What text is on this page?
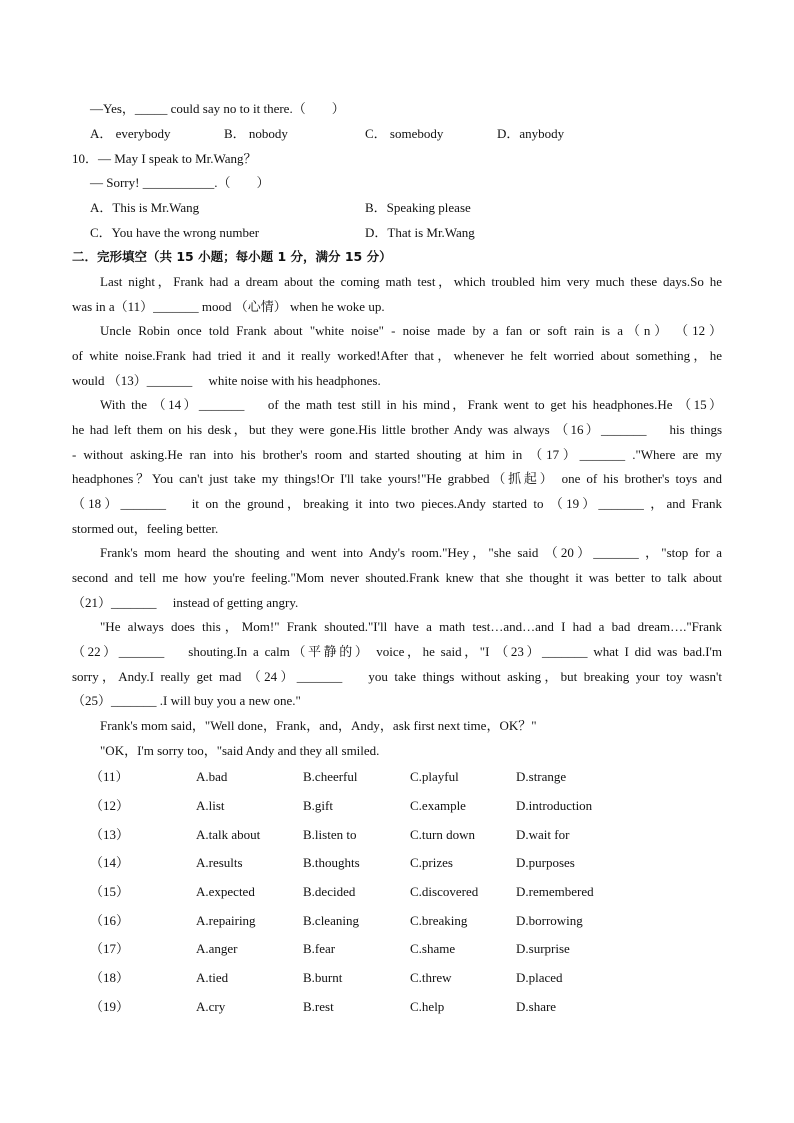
—Yes，_____ could say no to it there.（　　）
A． everybody	B． nobody	C． somebody	D．anybody
10．— May I speak to Mr.Wang？
— Sorry! ___________.（　　）
A．This is Mr.Wang	B．Speaking please
C．You have the wrong number	D．That is Mr.Wang
二．完形填空（共 15 小题；每小题 1 分，满分 15 分）
Last night，Frank had a dream about the coming math test，which troubled him very much these days.So he
was in a（11）_______ mood （心情） when he woke up.
Uncle Robin once told Frank about "white noise" - noise made by a fan or soft rain is a（n）　（12）
of white noise.Frank had tried it and it really worked!After that，whenever he felt worried about something，he
would （13）_______　 white noise with his headphones.
With the （14）_______　 of the math test still in his mind，Frank went to get his headphones.He （15）
he had left them on his desk，but they were gone.His little brother Andy was always （16）_______　 his things
- without asking.He ran into his brother's room and started shouting at him in （17）_______ ."Where are my
headphones？You can't just take my things!Or I'll take yours!"He grabbed（抓起） one of his brother's toys and
（18）_______　 it on the ground，breaking it into two pieces.Andy started to （19）_______ ，and Frank
stormed out，feeling better.
Frank's mom heard the shouting and went into Andy's room."Hey，"she said （20）_______ ，"stop for a
second and tell me how you're feeling."Mom never shouted.Frank knew that she thought it was better to talk about
（21）_______　 instead of getting angry.
"He always does this，Mom!" Frank shouted."I'll have a math test…and…and I had a bad dream…."Frank
（22）_______　 shouting.In a calm（平静的） voice，he said，"I （23）_______ what I did was bad.I'm
sorry，Andy.I really get mad （24）_______　 you take things without asking，but breaking your toy wasn't
（25）_______ .I will buy you a new one."
Frank's mom said，"Well done，Frank，and，Andy，ask first next time，OK？"
"OK，I'm sorry too，"said Andy and they all smiled.
（11）	A.bad	B.cheerful	C.playful	D.strange
（12）	A.list	B.gift	C.example	D.introduction
（13）	A.talk about	B.listen to	C.turn down	D.wait for
（14）	A.results	B.thoughts	C.prizes	D.purposes
（15）	A.expected	B.decided	C.discovered	D.remembered
（16）	A.repairing	B.cleaning	C.breaking	D.borrowing
（17）	A.anger	B.fear	C.shame	D.surprise
（18）	A.tied	B.burnt	C.threw	D.placed
（19）	A.cry	B.rest	C.help	D.share
